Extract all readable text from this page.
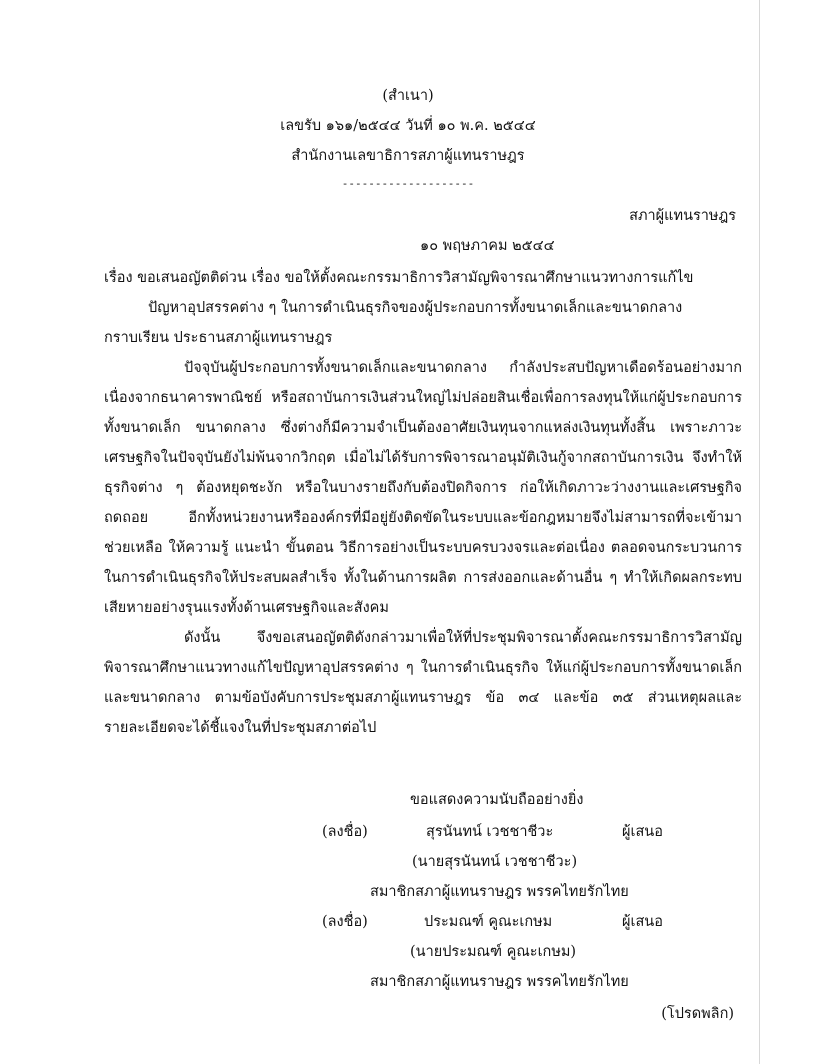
(สำเนา)
เลขรับ ๑๖๑/๒๕๔๔ วันที่ ๑๐ พ.ค. ๒๕๔๔
สำนักงานเลขาธิการสภาผู้แทนราษฎร
--------------------
สภาผู้แทนราษฎร
๑๐ พฤษภาคม ๒๕๔๔
เรื่อง ขอเสนอญัตติด่วน เรื่อง ขอให้ตั้งคณะกรรมาธิการวิสามัญพิจารณาศึกษาแนวทางการแก้ไข
ปัญหาอุปสรรคต่าง ๆ ในการดำเนินธุรกิจของผู้ประกอบการทั้งขนาดเล็กและขนาดกลาง
กราบเรียน ประธานสภาผู้แทนราษฎร
ปัจจุบันผู้ประกอบการทั้งขนาดเล็กและขนาดกลาง กำลังประสบปัญหาเดือดร้อนอย่างมาก
เนื่องจากธนาคารพาณิชย์ หรือสถาบันการเงินส่วนใหญ่ไม่ปล่อยสินเชื่อเพื่อการลงทุนให้แก่ผู้ประกอบการ
ทั้งขนาดเล็ก ขนาดกลาง ซึ่งต่างก็มีความจำเป็นต้องอาศัยเงินทุนจากแหล่งเงินทุนทั้งสิ้น เพราะภาวะ
เศรษฐกิจในปัจจุบันยังไม่พ้นจากวิกฤต เมื่อไม่ได้รับการพิจารณาอนุมัติเงินกู้จากสถาบันการเงิน จึงทำให้
ธุรกิจต่าง ๆ ต้องหยุดชะงัก หรือในบางรายถึงกับต้องปิดกิจการ ก่อให้เกิดภาวะว่างงานและเศรษฐกิจ
ถดถอย อีกทั้งหน่วยงานหรือองค์กรที่มีอยู่ยังติดขัดในระบบและข้อกฎหมายจึงไม่สามารถที่จะเข้ามา
ช่วยเหลือ ให้ความรู้ แนะนำ ขั้นตอน วิธีการอย่างเป็นระบบครบวงจรและต่อเนื่อง ตลอดจนกระบวนการ
ในการดำเนินธุรกิจให้ประสบผลสำเร็จ ทั้งในด้านการผลิต การส่งออกและด้านอื่น ๆ ทำให้เกิดผลกระทบ
เสียหายอย่างรุนแรงทั้งด้านเศรษฐกิจและสังคม
ดังนั้น จึงขอเสนอญัตติดังกล่าวมาเพื่อให้ที่ประชุมพิจารณาตั้งคณะกรรมาธิการวิสามัญ
พิจารณาศึกษาแนวทางแก้ไขปัญหาอุปสรรคต่าง ๆ ในการดำเนินธุรกิจ ให้แก่ผู้ประกอบการทั้งขนาดเล็ก
และขนาดกลาง ตามข้อบังคับการประชุมสภาผู้แทนราษฎร ข้อ ๓๔ และข้อ ๓๕ ส่วนเหตุผลและ
รายละเอียดจะได้ชี้แจงในที่ประชุมสภาต่อไป
ขอแสดงความนับถืออย่างยิ่ง
(ลงชื่อ)	สุรนันทน์ เวชชาชีวะ	ผู้เสนอ
(นายสุรนันทน์ เวชชาชีวะ)
สมาชิกสภาผู้แทนราษฎร พรรคไทยรักไทย
(ลงชื่อ)	ประมณฑ์ คูณะเกษม	ผู้เสนอ
(นายประมณฑ์ คูณะเกษม)
สมาชิกสภาผู้แทนราษฎร พรรคไทยรักไทย
(โปรดพลิก)
